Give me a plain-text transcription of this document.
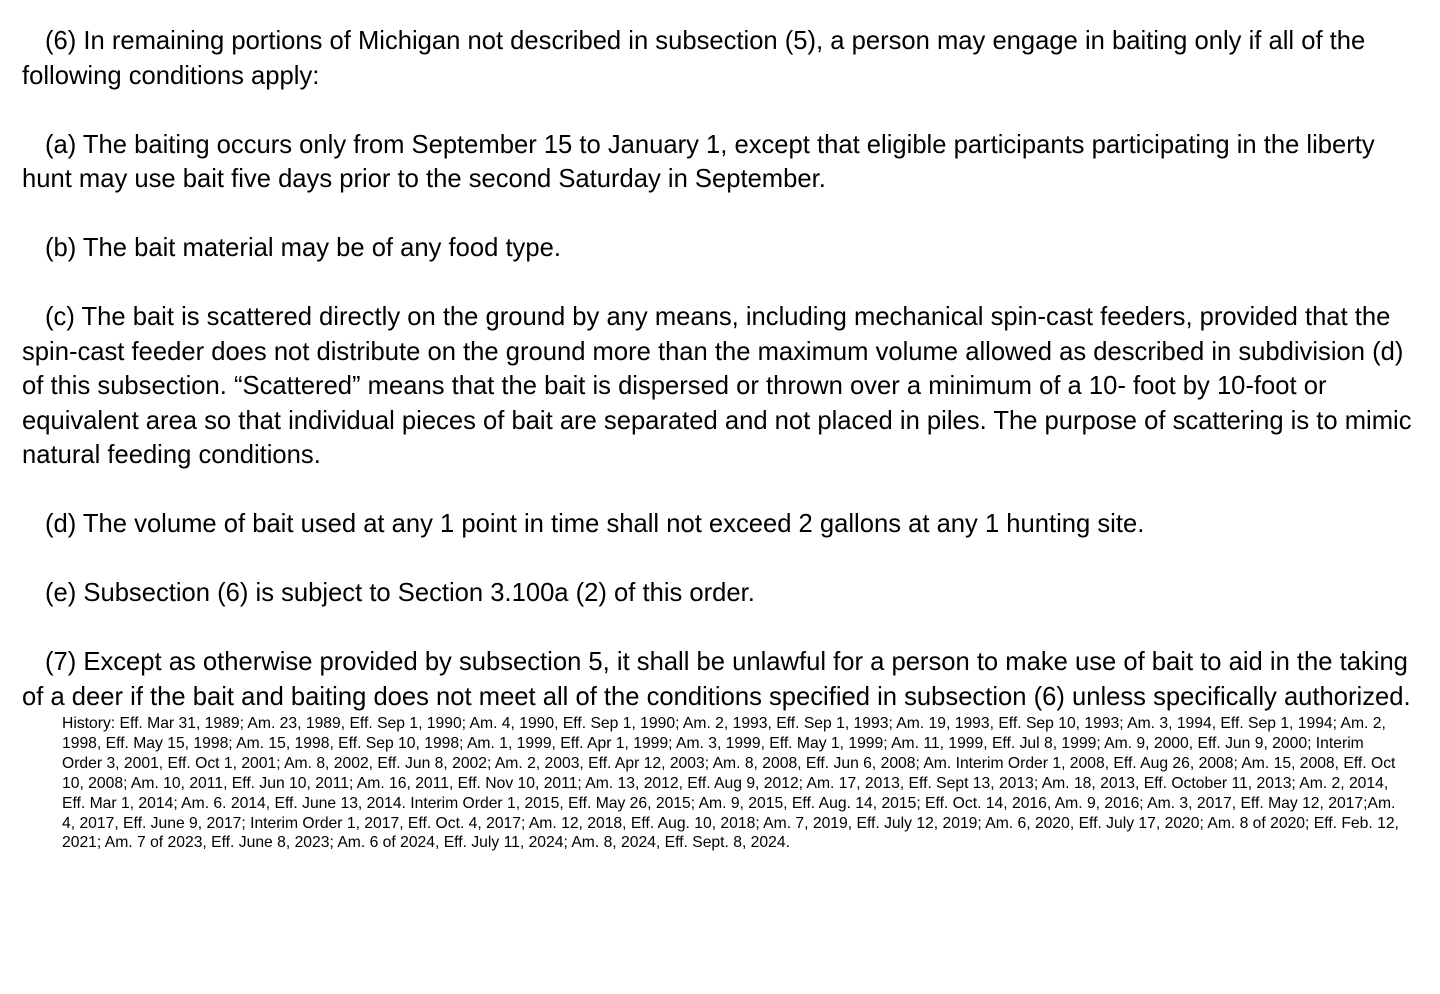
(6) In remaining portions of Michigan not described in subsection (5), a person may engage in baiting only if all of the following conditions apply:

(a) The baiting occurs only from September 15 to January 1, except that eligible participants participating in the liberty hunt may use bait five days prior to the second Saturday in September.

(b) The bait material may be of any food type.

(c) The bait is scattered directly on the ground by any means, including mechanical spin-cast feeders, provided that the spin-cast feeder does not distribute on the ground more than the maximum volume allowed as described in subdivision (d) of this subsection. “Scattered” means that the bait is dispersed or thrown over a minimum of a 10- foot by 10-foot or equivalent area so that individual pieces of bait are separated and not placed in piles. The purpose of scattering is to mimic natural feeding conditions.

(d) The volume of bait used at any 1 point in time shall not exceed 2 gallons at any 1 hunting site.

(e) Subsection (6) is subject to Section 3.100a (2) of this order.

(7) Except as otherwise provided by subsection 5, it shall be unlawful for a person to make use of bait to aid in the taking of a deer if the bait and baiting does not meet all of the conditions specified in subsection (6) unless specifically authorized.

History: Eff. Mar 31, 1989; Am. 23, 1989, Eff. Sep 1, 1990; Am. 4, 1990, Eff. Sep 1, 1990; Am. 2, 1993, Eff. Sep 1, 1993; Am. 19, 1993, Eff. Sep 10, 1993; Am. 3, 1994, Eff. Sep 1, 1994; Am. 2, 1998, Eff. May 15, 1998; Am. 15, 1998, Eff. Sep 10, 1998; Am. 1, 1999, Eff. Apr 1, 1999; Am. 3, 1999, Eff. May 1, 1999; Am. 11, 1999, Eff. Jul 8, 1999; Am. 9, 2000, Eff. Jun 9, 2000; Interim Order 3, 2001, Eff. Oct 1, 2001; Am. 8, 2002, Eff. Jun 8, 2002; Am. 2, 2003, Eff. Apr 12, 2003; Am. 8, 2008, Eff. Jun 6, 2008; Am. Interim Order 1, 2008, Eff. Aug 26, 2008; Am. 15, 2008, Eff. Oct 10, 2008; Am. 10, 2011, Eff. Jun 10, 2011; Am. 16, 2011, Eff. Nov 10, 2011; Am. 13, 2012, Eff. Aug 9, 2012; Am. 17, 2013, Eff. Sept 13, 2013; Am. 18, 2013, Eff. October 11, 2013; Am. 2, 2014, Eff. Mar 1, 2014; Am. 6. 2014, Eff. June 13, 2014. Interim Order 1, 2015, Eff. May 26, 2015; Am. 9, 2015, Eff. Aug. 14, 2015; Eff. Oct. 14, 2016, Am. 9, 2016; Am. 3, 2017, Eff. May 12, 2017;Am. 4, 2017, Eff. June 9, 2017; Interim Order 1, 2017, Eff. Oct. 4, 2017; Am. 12, 2018, Eff. Aug. 10, 2018; Am. 7, 2019, Eff. July 12, 2019; Am. 6, 2020, Eff. July 17, 2020; Am. 8 of 2020; Eff. Feb. 12, 2021; Am. 7 of 2023, Eff. June 8, 2023; Am. 6 of 2024, Eff. July 11, 2024; Am. 8, 2024, Eff. Sept. 8, 2024.
